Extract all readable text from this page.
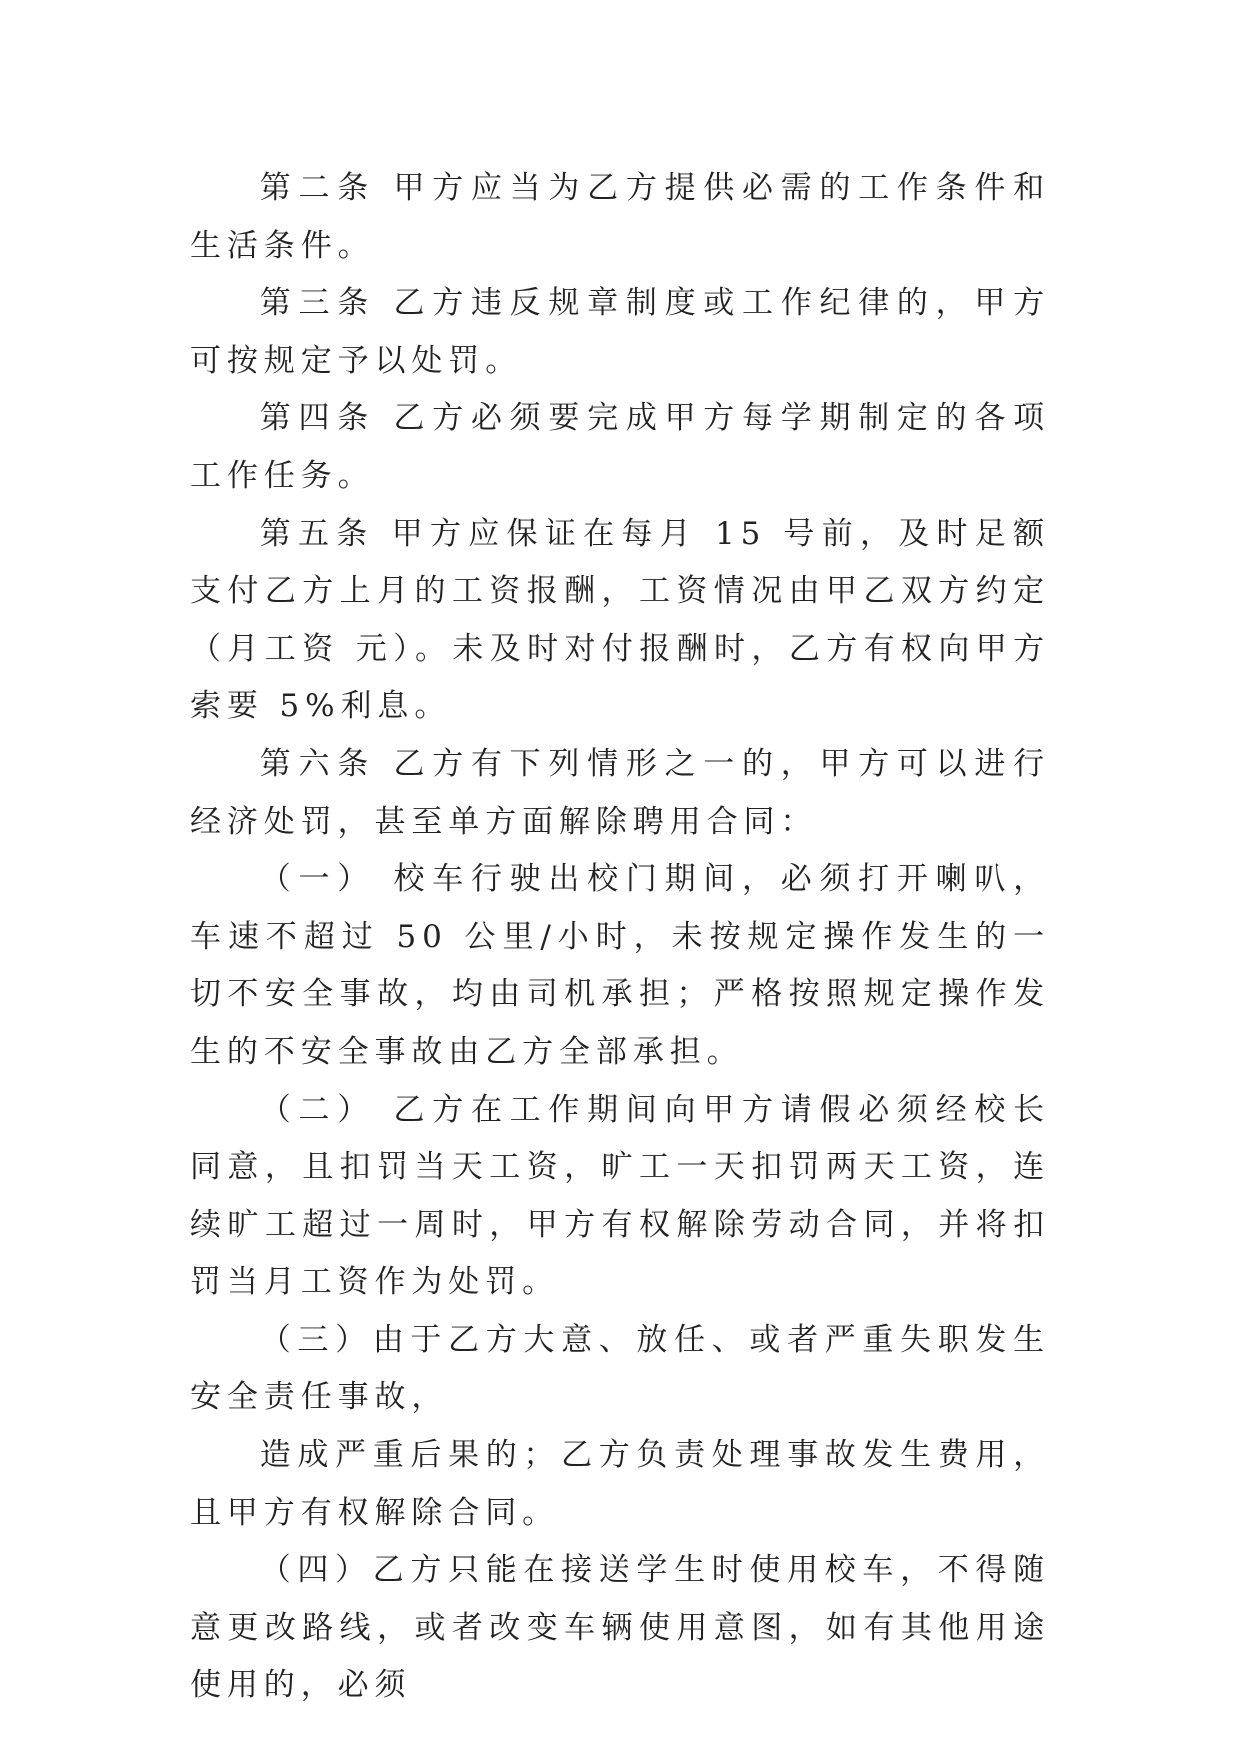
第二条 甲方应当为乙方提供必需的工作条件和生活条件。

第三条 乙方违反规章制度或工作纪律的，甲方可按规定予以处罚。

第四条 乙方必须要完成甲方每学期制定的各项工作任务。

第五条 甲方应保证在每月 15 号前，及时足额支付乙方上月的工资报酬，工资情况由甲乙双方约定（月工资 元）。未及时对付报酬时，乙方有权向甲方索要 5%利息。

第六条 乙方有下列情形之一的，甲方可以进行经济处罚，甚至单方面解除聘用合同：

（一） 校车行驶出校门期间，必须打开喇叭，车速不超过 50 公里/小时，未按规定操作发生的一切不安全事故，均由司机承担；严格按照规定操作发生的不安全事故由乙方全部承担。

（二） 乙方在工作期间向甲方请假必须经校长同意，且扣罚当天工资，旷工一天扣罚两天工资，连续旷工超过一周时，甲方有权解除劳动合同，并将扣罚当月工资作为处罚。

（三）由于乙方大意、放任、或者严重失职发生安全责任事故，

造成严重后果的；乙方负责处理事故发生费用，且甲方有权解除合同。

（四）乙方只能在接送学生时使用校车，不得随意更改路线，或者改变车辆使用意图，如有其他用途使用的，必须
